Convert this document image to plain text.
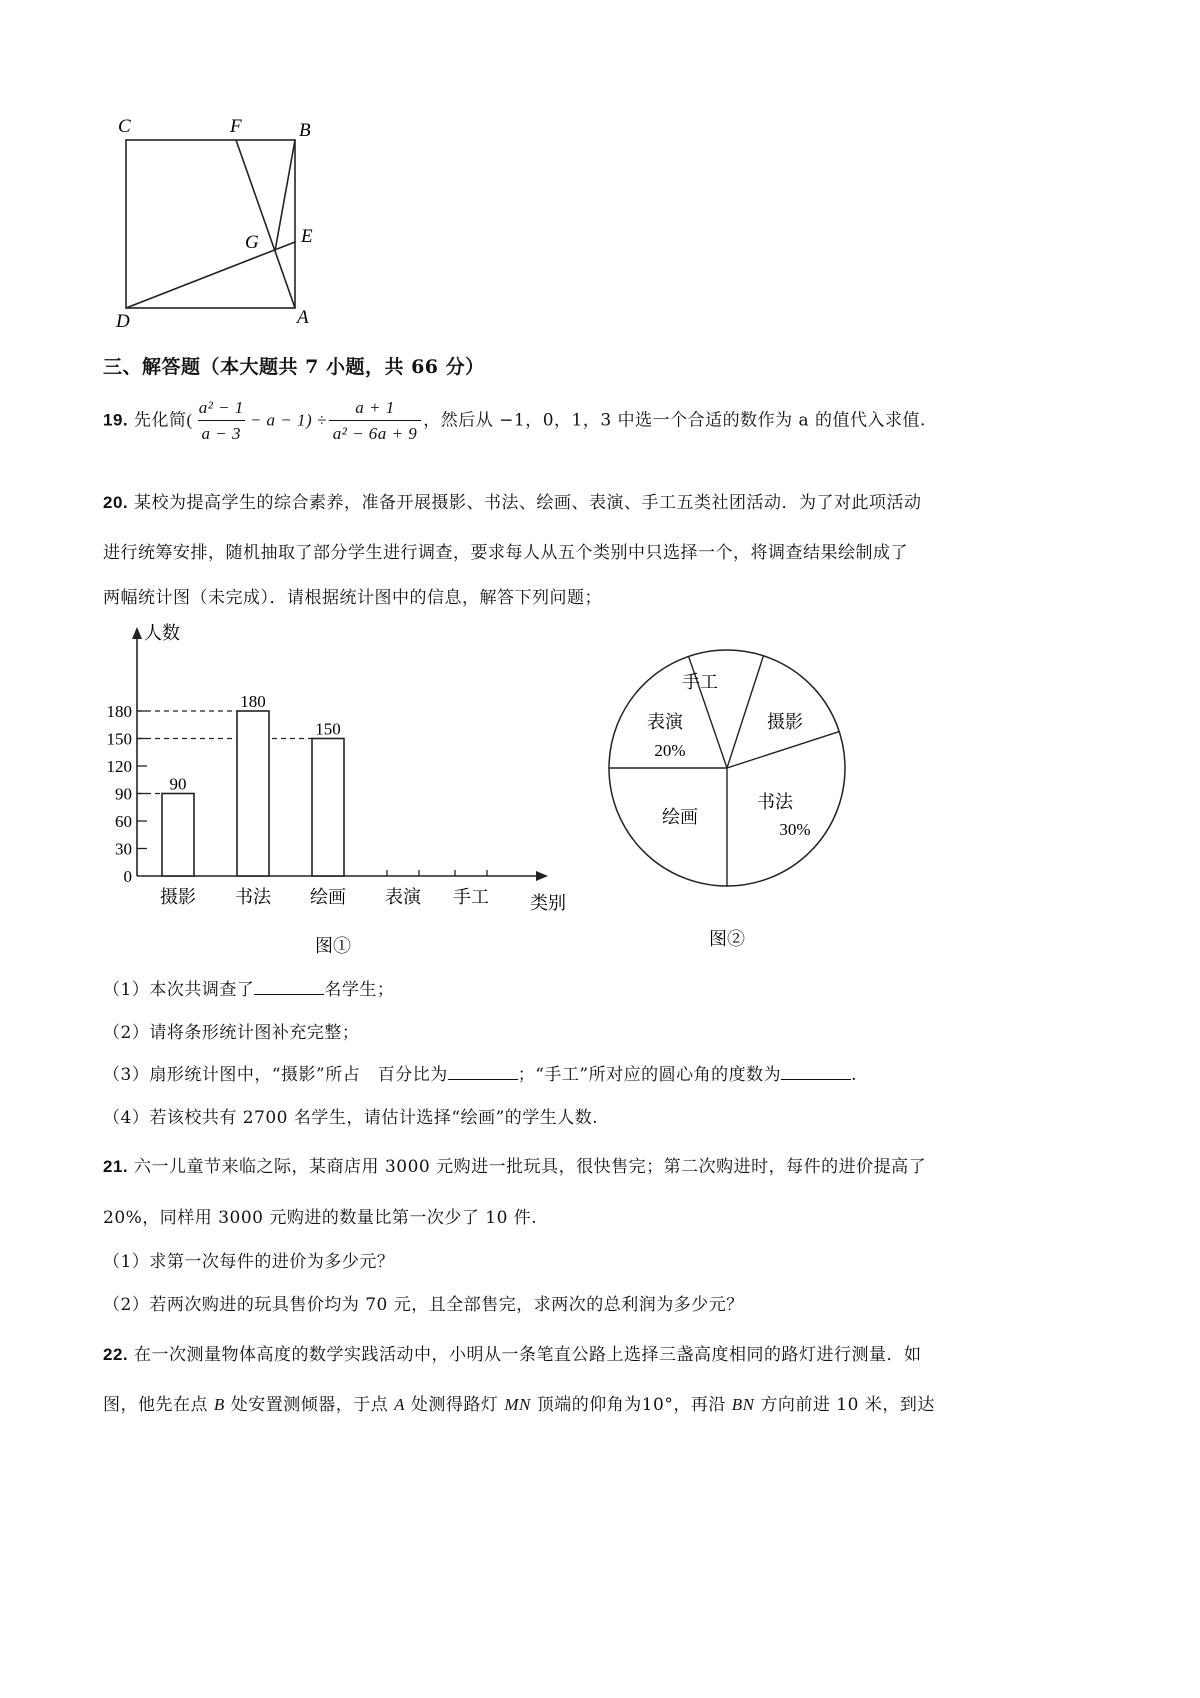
C	F	B
G E
D	A
三、解答题（本大题共 7 小题，共 66 分）
19. 先化简( $\frac{\text{a² − 1}}{a - 3} - a - 1) \div \frac{a + 1}{\text{a² − 6a + 9}}$ ，然后从 −1，0，1，3 中选一个合适的数作为 a 的值代入求值.
20. 某校为提高学生的综合素养，准备开展摄影、书法、绘画、表演、手工五类社团活动．为了对此项活动
进行统筹安排，随机抽取了部分学生进行调查，要求每人从五个类别中只选择一个，将调查结果绘制成了
两幅统计图（未完成）．请根据统计图中的信息，解答下列问题；
人数
类别
0
30
60
90
120
150
180
90
摄影
180
书法
150
绘画 表演 手工
图①
手工
摄影
书法
30%
绘画
表演
20%
图②
（1）本次共调查了	名学生；
（2）请将条形统计图补充完整；
（3）扇形统计图中，“摄影”所占　百分比为	；“手工”所对应的圆心角的度数为	.
（4）若该校共有 2700 名学生，请估计选择“绘画”的学生人数.
21. 六一儿童节来临之际，某商店用 3000 元购进一批玩具，很快售完；第二次购进时，每件的进价提高了
20%，同样用 3000 元购进的数量比第一次少了 10 件.
（1）求第一次每件的进价为多少元？
（2）若两次购进的玩具售价均为 70 元，且全部售完，求两次的总利润为多少元？
22. 在一次测量物体高度的数学实践活动中，小明从一条笔直公路上选择三盏高度相同的路灯进行测量．如
图，他先在点 B 处安置测倾器，于点 A 处测得路灯 MN 顶端的仰角为10°，再沿 BN 方向前进 10 米，到达
